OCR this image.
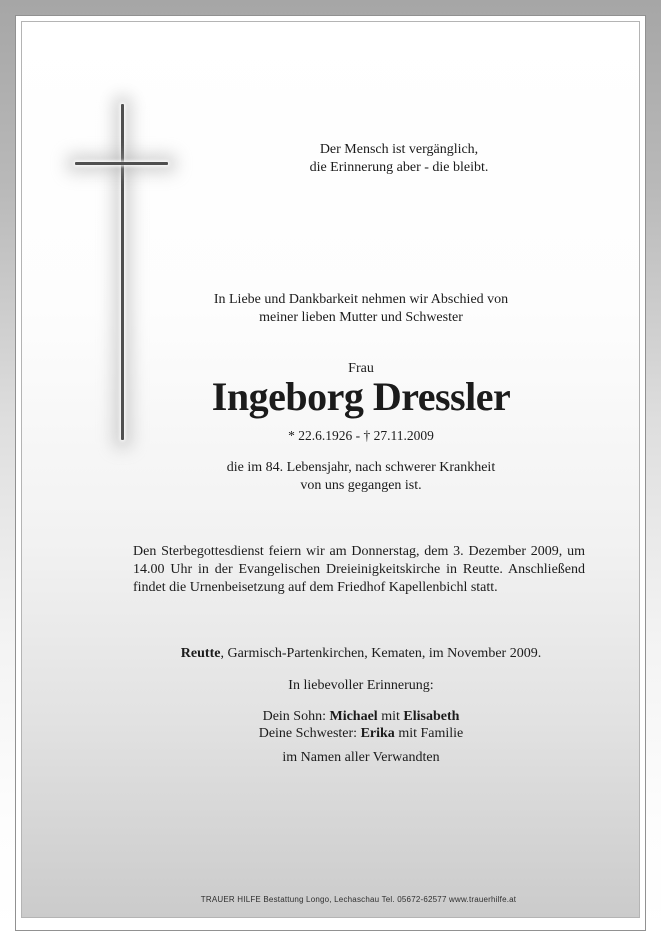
Der Mensch ist vergänglich,
die Erinnerung aber - die bleibt.
In Liebe und Dankbarkeit nehmen wir Abschied von
meiner lieben Mutter und Schwester
Frau
Ingeborg Dressler
* 22.6.1926 - † 27.11.2009
die im 84. Lebensjahr, nach schwerer Krankheit
von uns gegangen ist.
Den Sterbegottesdienst feiern wir am Donnerstag, dem 3. Dezember 2009, um 14.00 Uhr in der Evangelischen Dreieinigkeitskirche in Reutte. Anschließend findet die Urnenbeisetzung auf dem Friedhof Kapellenbichl statt.
Reutte, Garmisch-Partenkirchen, Kematen, im November 2009.
In liebevoller Erinnerung:
Dein Sohn: Michael mit Elisabeth
Deine Schwester: Erika mit Familie
im Namen aller Verwandten
TRAUER HILFE Bestattung Longo, Lechaschau Tel. 05672-62577 www.trauerhilfe.at
